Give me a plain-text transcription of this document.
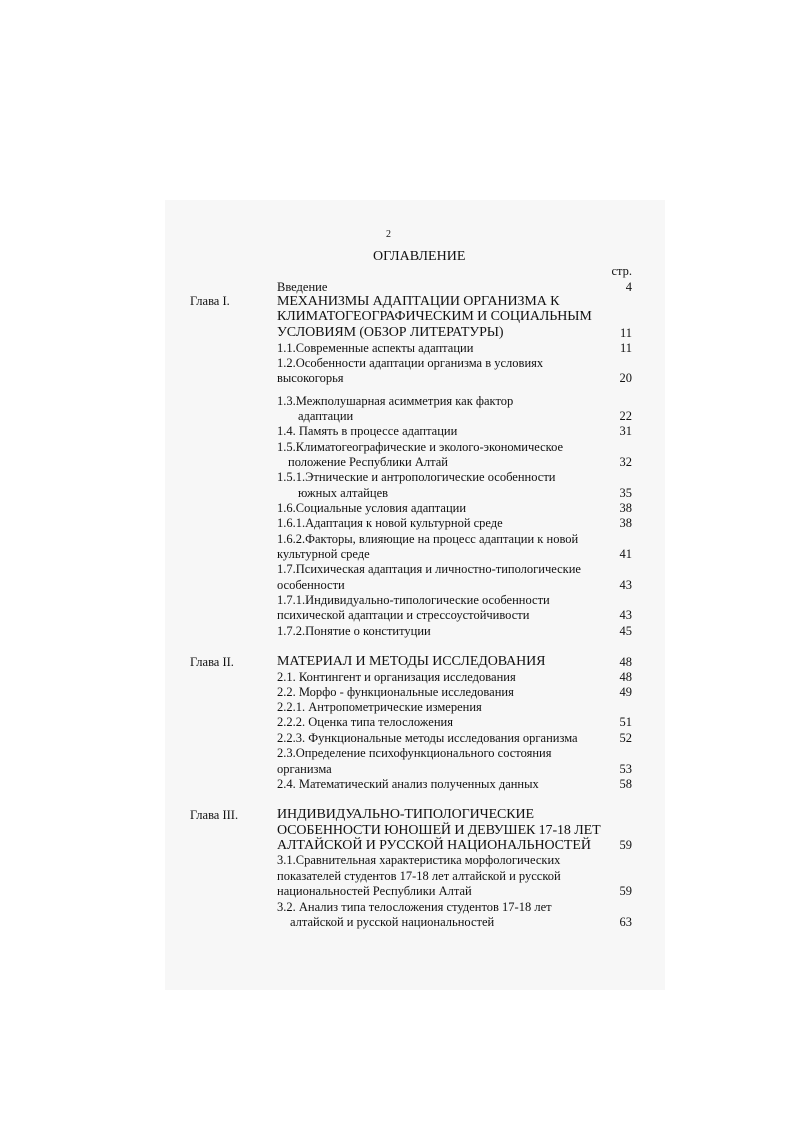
2
ОГЛАВЛЕНИЕ
стр.
Введение	4
Глава I.	МЕХАНИЗМЫ АДАПТАЦИИ ОРГАНИЗМА К
КЛИМАТОГЕОГРАФИЧЕСКИМ И СОЦИАЛЬНЫМ
УСЛОВИЯМ (ОБЗОР ЛИТЕРАТУРЫ)	11
1.1.Современные аспекты адаптации	11
1.2.Особенности адаптации организма в условиях
высокогорья	20
1.3.Межполушарная асимметрия как фактор
адаптации	22
1.4. Память в процессе адаптации	31
1.5.Климатогеографические и эколого-экономическое
положение Республики Алтай	32
1.5.1.Этнические и антропологические особенности
южных алтайцев	35
1.6.Социальные условия адаптации	38
1.6.1.Адаптация к новой культурной среде	38
1.6.2.Факторы, влияющие на процесс адаптации к новой
культурной среде	41
1.7.Психическая адаптация и личностно-типологические
особенности	43
1.7.1.Индивидуально-типологические особенности
психической адаптации и стрессоустойчивости	43
1.7.2.Понятие о конституции	45
Глава II.	МАТЕРИАЛ И МЕТОДЫ ИССЛЕДОВАНИЯ	48
2.1. Контингент и организация исследования	48
2.2. Морфо - функциональные исследования	49
2.2.1. Антропометрические измерения
2.2.2. Оценка типа телосложения	51
2.2.3. Функциональные методы исследования организма	52
2.3.Определение психофункционального состояния
организма	53
2.4. Математический анализ полученных данных	58
Глава III.	ИНДИВИДУАЛЬНО-ТИПОЛОГИЧЕСКИЕ
ОСОБЕННОСТИ ЮНОШЕЙ И ДЕВУШЕК 17-18 ЛЕТ
АЛТАЙСКОЙ И РУССКОЙ НАЦИОНАЛЬНОСТЕЙ	59
3.1.Сравнительная характеристика морфологических
показателей студентов 17-18 лет алтайской и русской
национальностей Республики Алтай	59
3.2. Анализ типа телосложения студентов 17-18 лет
алтайской и русской национальностей	63
